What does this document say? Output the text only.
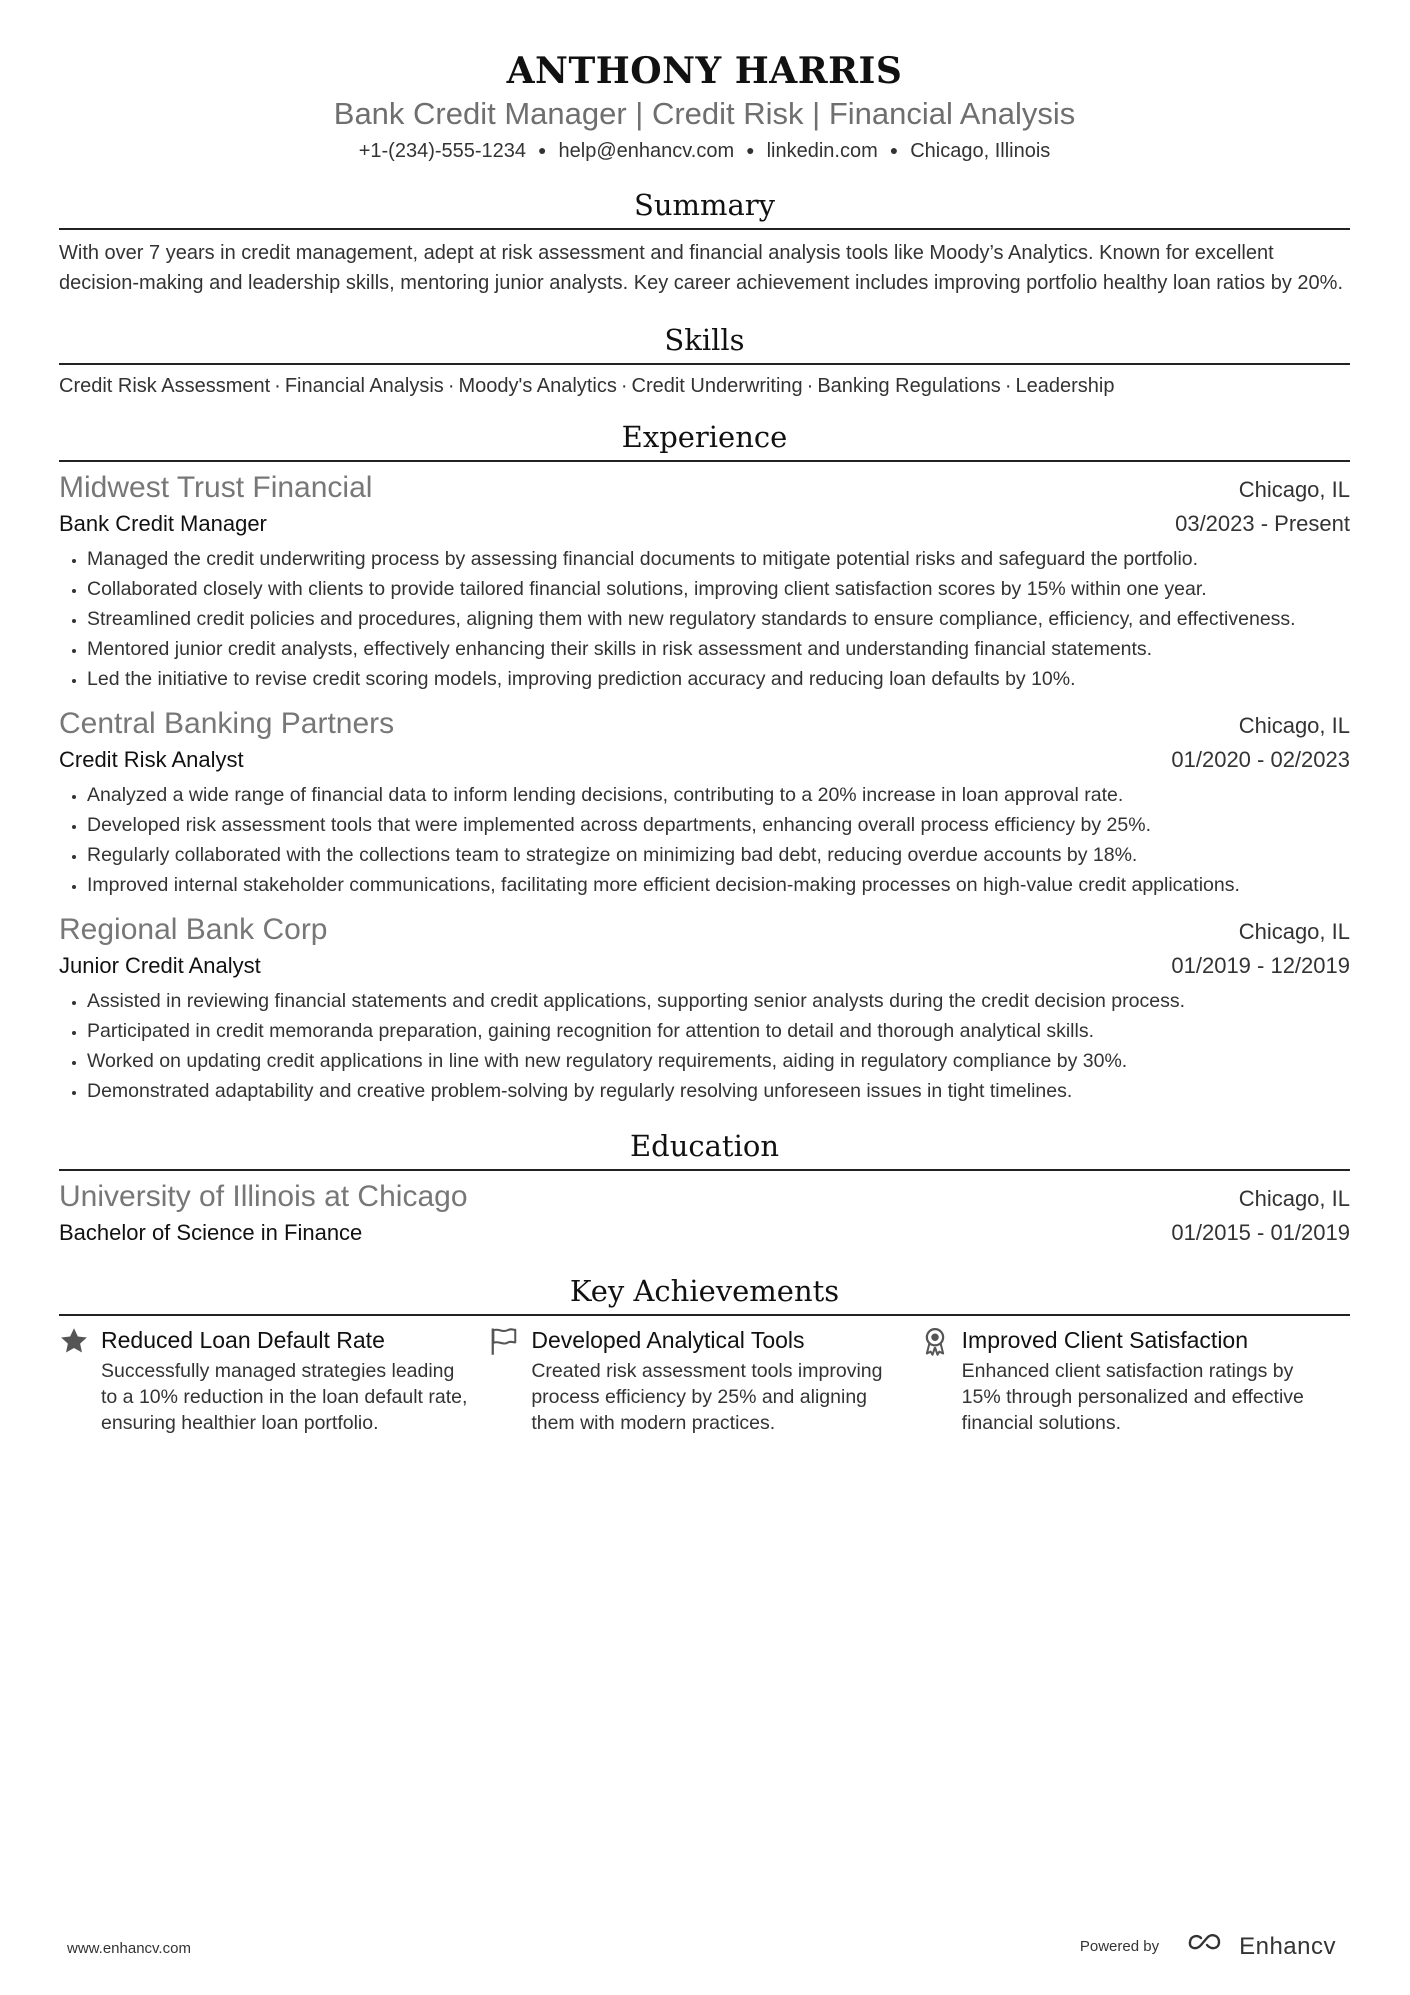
ANTHONY HARRIS
Bank Credit Manager | Credit Risk | Financial Analysis
+1-(234)-555-1234 ● help@enhancv.com ● linkedin.com ● Chicago, Illinois
Summary
With over 7 years in credit management, adept at risk assessment and financial analysis tools like Moody’s Analytics. Known for excellent decision-making and leadership skills, mentoring junior analysts. Key career achievement includes improving portfolio healthy loan ratios by 20%.
Skills
Credit Risk Assessment · Financial Analysis · Moody's Analytics · Credit Underwriting · Banking Regulations · Leadership
Experience
Midwest Trust Financial	Chicago, IL
Bank Credit Manager	03/2023 - Present
• Managed the credit underwriting process by assessing financial documents to mitigate potential risks and safeguard the portfolio.
• Collaborated closely with clients to provide tailored financial solutions, improving client satisfaction scores by 15% within one year.
• Streamlined credit policies and procedures, aligning them with new regulatory standards to ensure compliance, efficiency, and effectiveness.
• Mentored junior credit analysts, effectively enhancing their skills in risk assessment and understanding financial statements.
• Led the initiative to revise credit scoring models, improving prediction accuracy and reducing loan defaults by 10%.
Central Banking Partners	Chicago, IL
Credit Risk Analyst	01/2020 - 02/2023
• Analyzed a wide range of financial data to inform lending decisions, contributing to a 20% increase in loan approval rate.
• Developed risk assessment tools that were implemented across departments, enhancing overall process efficiency by 25%.
• Regularly collaborated with the collections team to strategize on minimizing bad debt, reducing overdue accounts by 18%.
• Improved internal stakeholder communications, facilitating more efficient decision-making processes on high-value credit applications.
Regional Bank Corp	Chicago, IL
Junior Credit Analyst	01/2019 - 12/2019
• Assisted in reviewing financial statements and credit applications, supporting senior analysts during the credit decision process.
• Participated in credit memoranda preparation, gaining recognition for attention to detail and thorough analytical skills.
• Worked on updating credit applications in line with new regulatory requirements, aiding in regulatory compliance by 30%.
• Demonstrated adaptability and creative problem-solving by regularly resolving unforeseen issues in tight timelines.
Education
University of Illinois at Chicago	Chicago, IL
Bachelor of Science in Finance	01/2015 - 01/2019
Key Achievements
Reduced Loan Default Rate
Successfully managed strategies leading to a 10% reduction in the loan default rate, ensuring healthier loan portfolio.
Developed Analytical Tools
Created risk assessment tools improving process efficiency by 25% and aligning them with modern practices.
Improved Client Satisfaction
Enhanced client satisfaction ratings by 15% through personalized and effective financial solutions.
www.enhancv.com	Powered by	Enhancv
